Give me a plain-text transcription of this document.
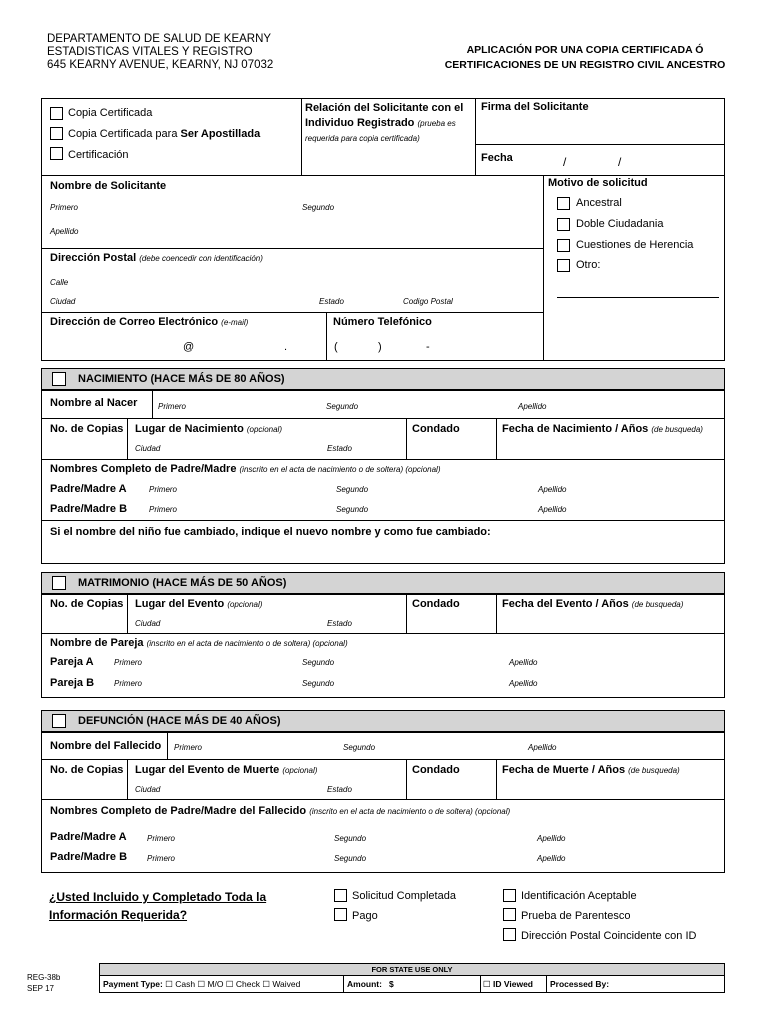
DEPARTAMENTO DE SALUD DE KEARNY
ESTADISTICAS VITALES Y REGISTRO
645 KEARNY AVENUE, KEARNY, NJ 07032
APLICACIÓN POR UNA COPIA CERTIFICADA Ó
CERTIFICACIONES DE UN REGISTRO CIVIL ANCESTRO
Copia Certificada
Copia Certificada para Ser Apostillada
Certificación
Relación del Solicitante con el Individuo Registrado (prueba es requerida para copia certificada)
Firma del Solicitante
Fecha	/	/
Nombre de Solicitante
Primero	Segundo
Apellido
Dirección Postal (debe coencedir con identificación)
Calle
Ciudad	Estado	Codigo Postal
Dirección de Correo Electrónico (e-mail)
@	.
Número Telefónico
(	)	-
Motivo de solicitud
Ancestral
Doble Ciudadania
Cuestiones de Herencia
Otro:
NACIMIENTO (HACE MÁS DE 80 AÑOS)
Nombre al Nacer	Primero	Segundo	Apellido
No. de Copias Lugar de Nacimiento (opcional)
Ciudad	Estado
Condado	Fecha de Nacimiento / Años (de busqueda)
Nombres Completo de Padre/Madre (inscrito en el acta de nacimiento o de soltera) (opcional)
Padre/Madre A	Primero	Segundo	Apellido
Padre/Madre B	Primero	Segundo	Apellido
Si el nombre del niño fue cambiado, indique el nuevo nombre y como fue cambiado:
MATRIMONIO (HACE MÁS DE 50 AÑOS)
No. de Copias Lugar del Evento (opcional)
Ciudad	Estado
Condado	Fecha del Evento / Años (de busqueda)
Nombre de Pareja (inscrito en el acta de nacimiento o de soltera) (opcional)
Pareja A	Primero	Segundo	Apellido
Pareja B Primero	Segundo	Apellido
DEFUNCIÓN (HACE MÁS DE 40 AÑOS)
Nombre del Fallecido Primero	Segundo	Apellido
No. de Copias Lugar del Evento de Muerte (opcional)
Ciudad	Estado
Condado	Fecha de Muerte / Años (de busqueda)
Nombres Completo de Padre/Madre del Fallecido (inscrito en el acta de nacimiento o de soltera) (opcional)
Padre/Madre A	Primero	Segundo	Apellido
Padre/Madre B Primero	Segundo	Apellido
¿Usted Incluido y Completado Toda la
Información Requerida?
Solicitud Completada
Pago
Identificación Aceptable
Prueba de Parentesco
Dirección Postal Coincidente con ID
REG-38b
SEP 17
FOR STATE USE ONLY
Payment Type: ☐ Cash ☐ M/O ☐ Check ☐ Waived	Amount: $	☐ ID Viewed Processed By:
